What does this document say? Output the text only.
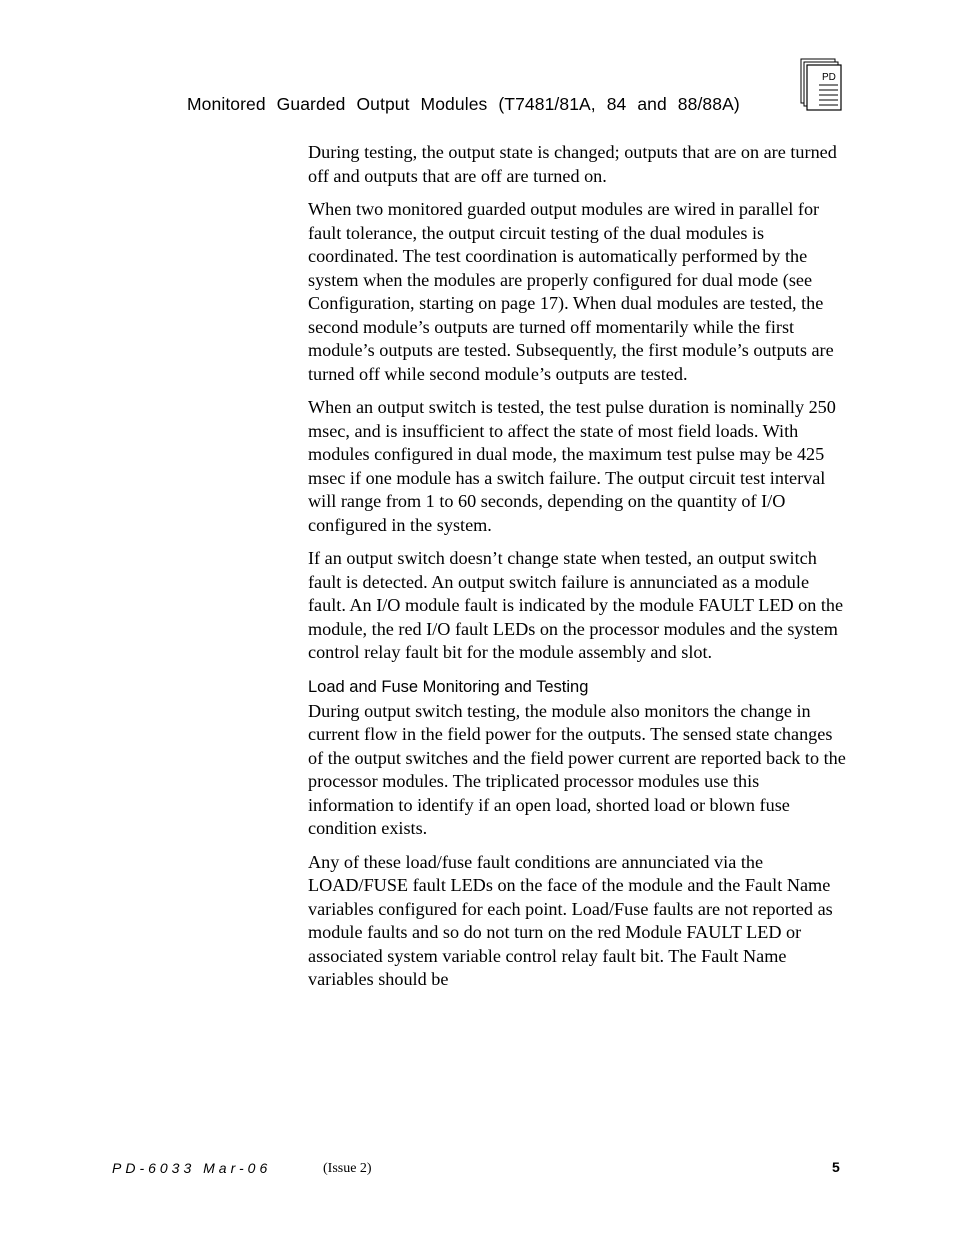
Monitored Guarded Output Modules (T7481/81A, 84 and 88/88A)
PD

During testing, the output state is changed; outputs that are on are turned off and outputs that are off are turned on.

When two monitored guarded output modules are wired in parallel for fault tolerance, the output circuit testing of the dual modules is coordinated. The test coordination is automatically performed by the system when the modules are properly configured for dual mode (see Configuration, starting on page 17). When dual modules are tested, the second module’s outputs are turned off momentarily while the first module’s outputs are tested. Subsequently, the first module’s outputs are turned off while second module’s outputs are tested.

When an output switch is tested, the test pulse duration is nominally 250 msec, and is insufficient to affect the state of most field loads. With modules configured in dual mode, the maximum test pulse may be 425 msec if one module has a switch failure. The output circuit test interval will range from 1 to 60 seconds, depending on the quantity of I/O configured in the system.

If an output switch doesn’t change state when tested, an output switch fault is detected. An output switch failure is annunciated as a module fault. An I/O module fault is indicated by the module FAULT LED on the module, the red I/O fault LEDs on the processor modules and the system control relay fault bit for the module assembly and slot.

Load and Fuse Monitoring and Testing

During output switch testing, the module also monitors the change in current flow in the field power for the outputs. The sensed state changes of the output switches and the field power current are reported back to the processor modules. The triplicated processor modules use this information to identify if an open load, shorted load or blown fuse condition exists.

Any of these load/fuse fault conditions are annunciated via the LOAD/FUSE fault LEDs on the face of the module and the Fault Name variables configured for each point. Load/Fuse faults are not reported as module faults and so do not turn on the red Module FAULT LED or associated system variable control relay fault bit. The Fault Name variables should be

PD-6033 Mar-06	(Issue 2)	5
